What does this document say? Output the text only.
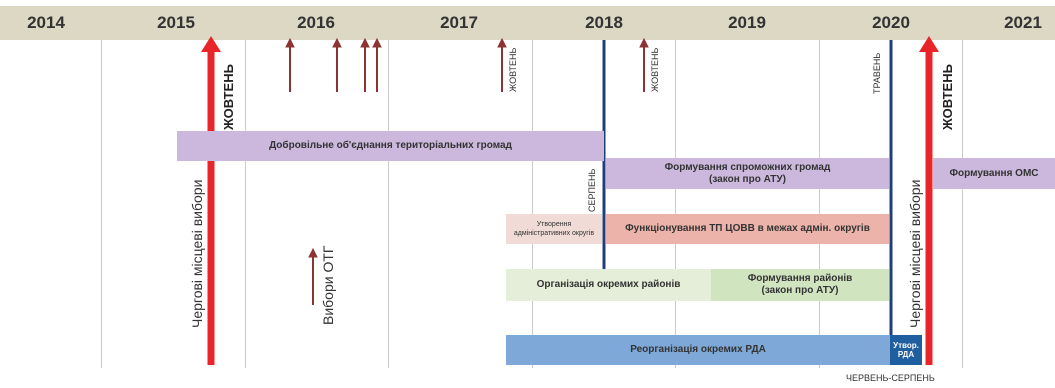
2014	2015	2016	2017	2018	2019	2020	2021
Добровільне об'єднання територіальних громад
Формування спроможних громад
(закон про АТУ)
Формування ОМС
Утворення
адміністративних округів	Функціонування ТП ЦОВВ в межах адмін. округів
Організація окремих районів
Формування районів
(закон про АТУ)
Реорганізація окремих РДА	Утвор.
РДА
ЖОВТЕНЬ
Чергові місцеві вибори
ЖОВТЕНЬ	ЖОВТЕНЬ
СЕРПЕНЬ
ТРАВЕНЬ	ЖОВТЕНЬ
Чергові місцеві вибори
Вибори ОТГ
ЧЕРВЕНЬ-СЕРПЕНЬ
